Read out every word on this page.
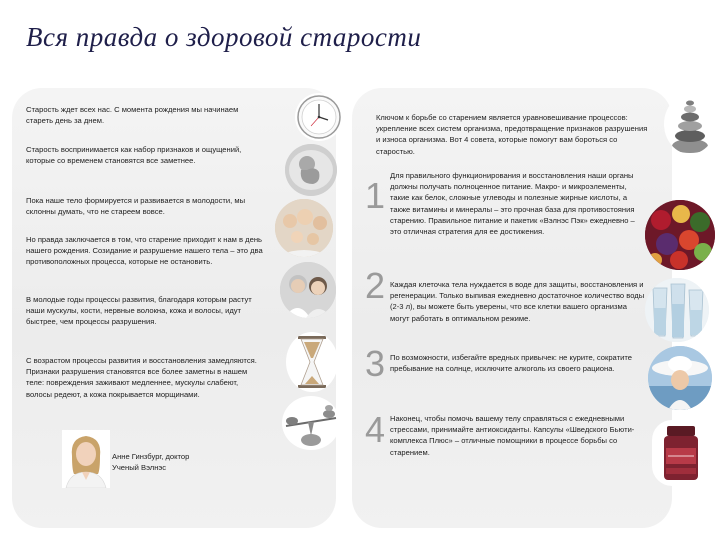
Вся правда о здоровой старости
Старость ждет всех нас. С момента рождения мы начинаем стареть день за днем.
Старость воспринимается как набор признаков и ощущений, которые со временем становятся все заметнее.
Пока наше тело формируется и развивается в молодости, мы склонны думать, что не стареем вовсе.
Но правда заключается в том, что старение приходит к нам в день нашего рождения. Созидание и разрушение нашего тела – это два противоположных процесса, которые не остановить.
В молодые годы процессы развития, благодаря которым растут наши мускулы, кости, нервные волокна, кожа и волосы, идут быстрее, чем процессы разрушения.
С возрастом процессы развития и восстановления замедляются. Признаки разрушения становятся все более заметны в нашем теле: повреждения заживают медленнее, мускулы слабеют, волосы редеют, а кожа покрывается морщинами.
Анне Гинзбург, доктор
Ученый Вэлнэс
Ключом к борьбе со старением является уравновешивание процессов: укрепление всех систем организма, предотвращение признаков разрушения и износа организма. Вот 4 совета, которые помогут вам бороться со старостью.
1 Для правильного функционирования и восстановления наши органы должны получать полноценное питание. Макро- и микроэлементы, такие как белок, сложные углеводы и полезные жирные кислоты, а также витамины и минералы – это прочная база для противостояния старению. Правильное питание и пакетик «Вэлнэс Пэк» ежедневно – это отличная стратегия для ее достижения.
2 Каждая клеточка тела нуждается в воде для защиты, восстановления и регенерации. Только выпивая ежедневно достаточное количество воды (2-3 л), вы можете быть уверены, что все клетки вашего организма могут работать в оптимальном режиме.
3 По возможности, избегайте вредных привычек: не курите, сократите пребывание на солнце, исключите алкоголь из своего рациона.
4 Наконец, чтобы помочь вашему телу справляться с ежедневными стрессами, принимайте антиоксиданты. Капсулы «Шведского Бьюти-комплекса Плюс» – отличные помощники в процессе борьбы со старением.
